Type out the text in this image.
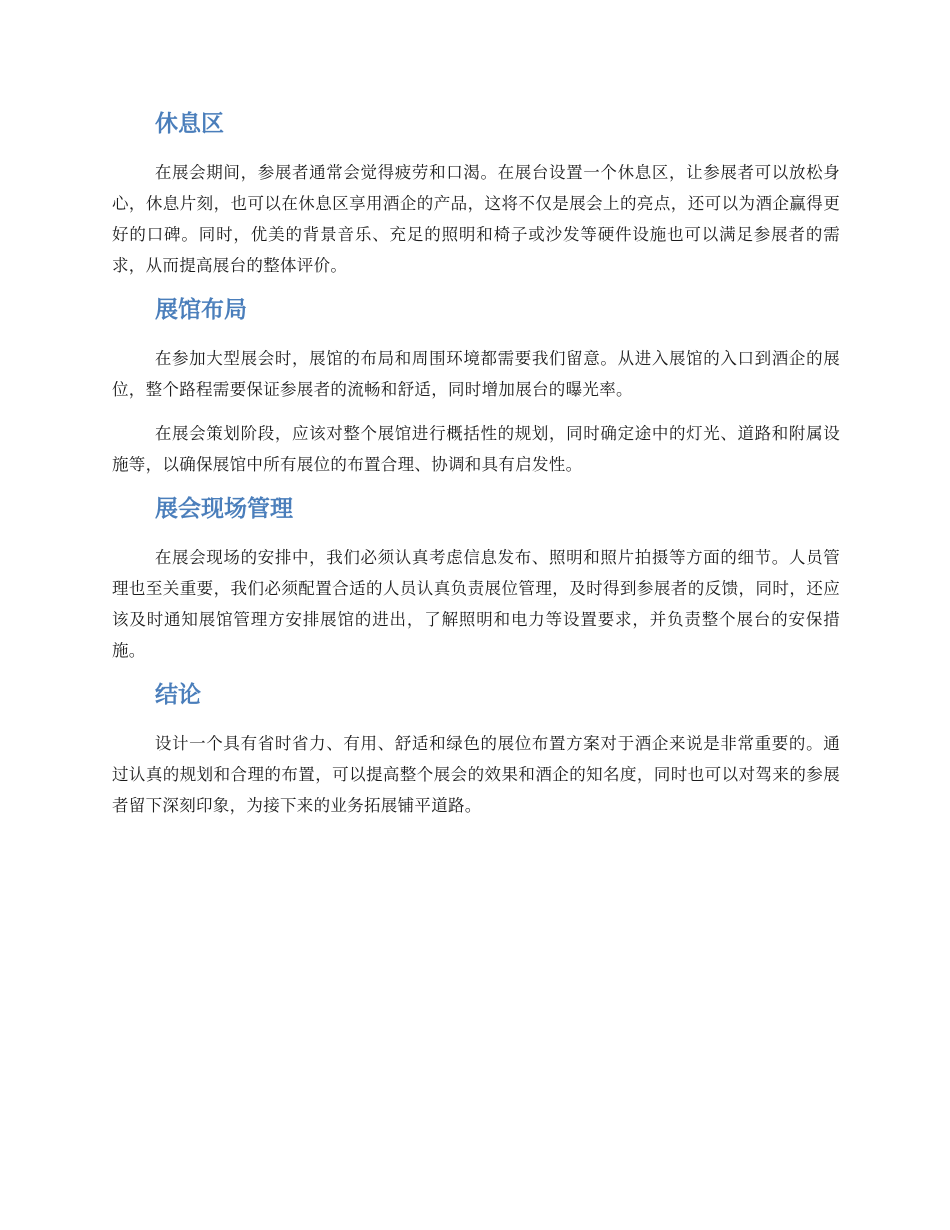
休息区

在展会期间，参展者通常会觉得疲劳和口渴。在展台设置一个休息区，让参展者可以放松身心，休息片刻，也可以在休息区享用酒企的产品，这将不仅是展会上的亮点，还可以为酒企赢得更好的口碑。同时，优美的背景音乐、充足的照明和椅子或沙发等硬件设施也可以满足参展者的需求，从而提高展台的整体评价。

展馆布局

在参加大型展会时，展馆的布局和周围环境都需要我们留意。从进入展馆的入口到酒企的展位，整个路程需要保证参展者的流畅和舒适，同时增加展台的曝光率。

在展会策划阶段，应该对整个展馆进行概括性的规划，同时确定途中的灯光、道路和附属设施等，以确保展馆中所有展位的布置合理、协调和具有启发性。

展会现场管理

在展会现场的安排中，我们必须认真考虑信息发布、照明和照片拍摄等方面的细节。人员管理也至关重要，我们必须配置合适的人员认真负责展位管理，及时得到参展者的反馈，同时，还应该及时通知展馆管理方安排展馆的进出，了解照明和电力等设置要求，并负责整个展台的安保措施。

结论

设计一个具有省时省力、有用、舒适和绿色的展位布置方案对于酒企来说是非常重要的。通过认真的规划和合理的布置，可以提高整个展会的效果和酒企的知名度，同时也可以对驾来的参展者留下深刻印象，为接下来的业务拓展铺平道路。
